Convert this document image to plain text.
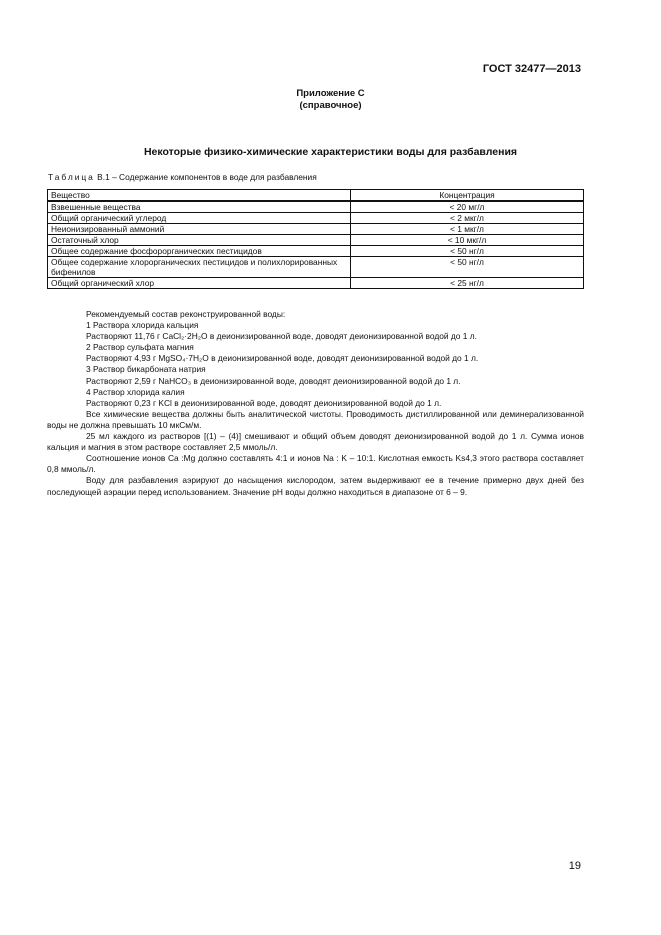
ГОСТ 32477—2013
Приложение С
(справочное)
Некоторые физико-химические характеристики воды для разбавления
Таблица В.1 – Содержание компонентов в воде для разбавления
Вещество	Концентрация
Взвешенные вещества	< 20 мг/л
Общий органический углерод	< 2 мкг/л
Неионизированный аммоний	< 1 мкг/л
Остаточный хлор	< 10 мкг/л
Общее содержание фосфорорганических пестицидов	< 50 нг/л
Общее содержание хлорорганических пестицидов и полихлорированных бифенилов	< 50 нг/л
Общий органический хлор	< 25 нг/л

Рекомендуемый состав реконструированной воды:

1 Раствора хлорида кальция

Растворяют 11,76 г CaCl₂·2H₂O в деионизированной воде, доводят деионизированной водой до 1 л.

2 Раствор сульфата магния

Растворяют 4,93 г MgSO₄·7H₂O в деионизированной воде, доводят деионизированной водой до 1 л.

3 Раствор бикарбоната натрия

Растворяют 2,59 г NaHCO₃ в деионизированной воде, доводят деионизированной водой до 1 л.

4 Раствор хлорида калия

Растворяют 0,23 г KCl в деионизированной воде, доводят деионизированной водой до 1 л.

Все химические вещества должны быть аналитической чистоты. Проводимость дистиллированной или деминерализованной воды не должна превышать 10 мкСм/м.

25 мл каждого из растворов [(1) – (4)] смешивают и общий объем доводят деионизированной водой до 1 л. Сумма ионов кальция и магния в этом растворе составляет 2,5 ммоль/л.

Соотношение ионов Ca :Mg должно составлять 4:1 и ионов Na : K – 10:1. Кислотная емкость Ks4,3 этого раствора составляет 0,8 ммоль/л.

Воду для разбавления аэрируют до насыщения кислородом, затем выдерживают ее в течение примерно двух дней без последующей аэрации перед использованием. Значение pH воды должно находиться в диапазоне от 6 – 9.

19
